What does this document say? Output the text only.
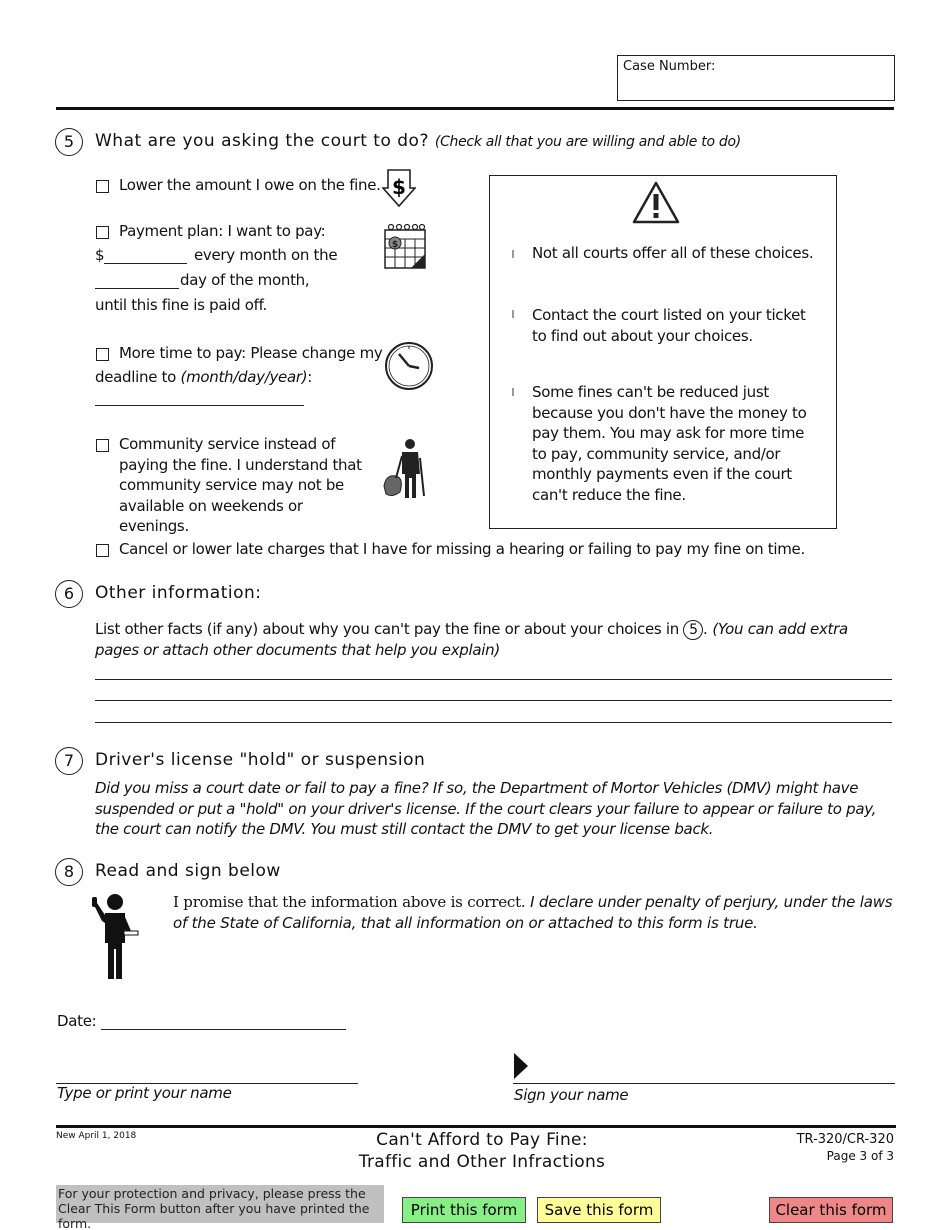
Case Number:
5	What are you asking the court to do? (Check all that you are willing and able to do)
Lower the amount I owe on the fine. $
Payment plan: I want to pay:
$	every month on the
day of the month,
until this fine is paid off.
$
More time to pay: Please change my
deadline to (month/day/year):
Community service instead of paying the fine. I understand that community service may not be available on weekends or evenings.
Not all courts offer all of these choices.
Contact the court listed on your ticket to find out about your choices.
Some fines can't be reduced just because you don't have the money to pay them. You may ask for more time to pay, community service, and/or monthly payments even if the court can't reduce the fine.
Cancel or lower late charges that I have for missing a hearing or failing to pay my fine on time.
6	Other information:
List other facts (if any) about why you can't pay the fine or about your choices in 5 . (You can add extra pages or attach other documents that help you explain)
7	Driver's license "hold" or suspension
Did you miss a court date or fail to pay a fine? If so, the Department of Mortor Vehicles (DMV) might have suspended or put a "hold" on your driver's license. If the court clears your failure to appear or failure to pay, the court can notify the DMV. You must still contact the DMV to get your license back.
8	Read and sign below
I promise that the information above is correct. I declare under penalty of perjury, under the laws of the State of California, that all information on or attached to this form is true.
Date:
Type or print your name	Sign your name
New April 1, 2018	Can't Afford to Pay Fine:
Traffic and Other Infractions
TR-320/CR-320
Page 3 of 3
For your protection and privacy, please press the Clear This Form button after you have printed the form.
Print this form	Save this form	Clear this form
